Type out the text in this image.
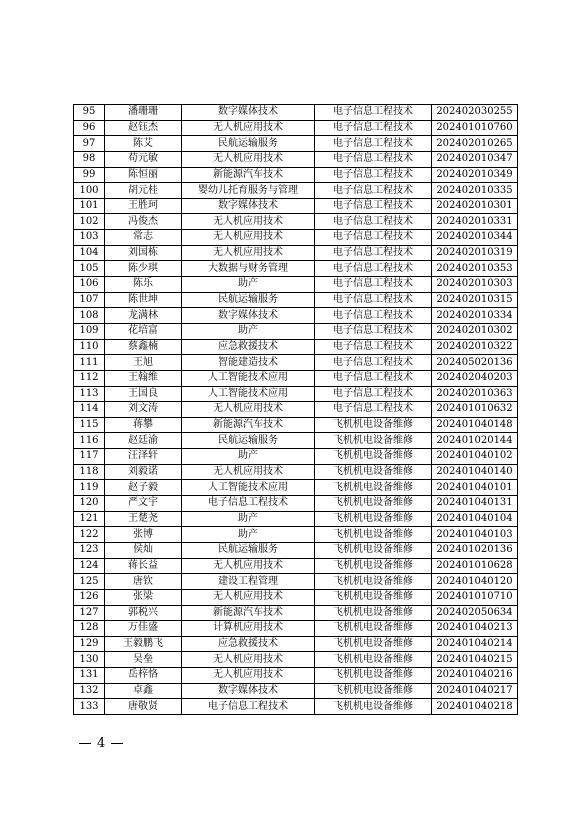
95	潘珊珊	数字媒体技术	电子信息工程技术	202402030255
96	赵钰杰	无人机应用技术	电子信息工程技术	202401010760
97	陈艾	民航运输服务	电子信息工程技术	202402010265
98	苟元敏	无人机应用技术	电子信息工程技术	202402010347
99	陈恒丽	新能源汽车技术	电子信息工程技术	202402010349
100	胡元桂	婴幼儿托育服务与管理	电子信息工程技术	202402010335
101	王胜珂	数字媒体技术	电子信息工程技术	202402010301
102	冯俊杰	无人机应用技术	电子信息工程技术	202402010331
103	常志	无人机应用技术	电子信息工程技术	202402010344
104	刘国栋	无人机应用技术	电子信息工程技术	202402010319
105	陈少琪	大数据与财务管理	电子信息工程技术	202402010353
106	陈乐	助产	电子信息工程技术	202402010303
107	陈世坤	民航运输服务	电子信息工程技术	202402010315
108	龙满林	数字媒体技术	电子信息工程技术	202402010334
109	花培富	助产	电子信息工程技术	202402010302
110	蔡鑫楠	应急救援技术	电子信息工程技术	202402010322
111	王旭	智能建造技术	电子信息工程技术	202405020136
112	王翰维	人工智能技术应用	电子信息工程技术	202402040203
113	王国良	人工智能技术应用	电子信息工程技术	202402010363
114	刘文涛	无人机应用技术	电子信息工程技术	202401010632
115	蒋攀	新能源汽车技术	飞机机电设备维修	202401040148
116	赵廷渝	民航运输服务	飞机机电设备维修	202401020144
117	汪泽轩	助产	飞机机电设备维修	202401040102
118	刘毅诺	无人机应用技术	飞机机电设备维修	202401040140
119	赵子毅	人工智能技术应用	飞机机电设备维修	202401040101
120	严文宇	电子信息工程技术	飞机机电设备维修	202401040131
121	王楚尧	助产	飞机机电设备维修	202401040104
122	张博	助产	飞机机电设备维修	202401040103
123	侯灿	民航运输服务	飞机机电设备维修	202401020136
124	蒋长益	无人机应用技术	飞机机电设备维修	202401010628
125	唐钦	建设工程管理	飞机机电设备维修	202401040120
126	张梁	无人机应用技术	飞机机电设备维修	202401010710
127	郭税兴	新能源汽车技术	飞机机电设备维修	202402050634
128	万佳盛	计算机应用技术	飞机机电设备维修	202401040213
129	王毅鹏飞	应急救援技术	飞机机电设备维修	202401040214
130	吴垒	无人机应用技术	飞机机电设备维修	202401040215
131	岳梓恪	无人机应用技术	飞机机电设备维修	202401040216
132	卓鑫	数字媒体技术	飞机机电设备维修	202401040217
133	唐敬贤	电子信息工程技术	飞机机电设备维修	202401040218
4
